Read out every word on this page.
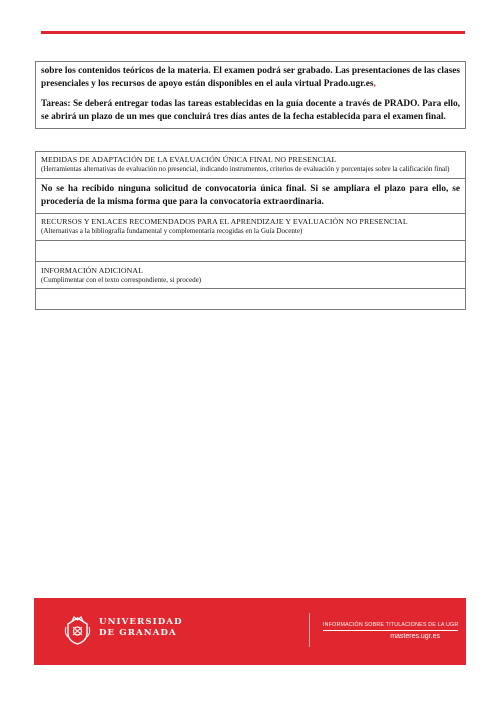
sobre los contenidos teóricos de la materia. El examen podrá ser grabado. Las presentaciones de las clases presenciales y los recursos de apoyo están disponibles en el aula virtual Prado.ugr.es,

Tareas: Se deberá entregar todas las tareas establecidas en la guía docente a través de PRADO. Para ello, se abrirá un plazo de un mes que concluirá tres días antes de la fecha establecida para el examen final.

MEDIDAS DE ADAPTACIÓN DE LA EVALUACIÓN ÚNICA FINAL NO PRESENCIAL

(Herramientas alternativas de evaluación no presencial, indicando instrumentos, criterios de evaluación y porcentajes sobre la calificación final)

No se ha recibido ninguna solicitud de convocatoria única final. Si se ampliara el plazo para ello, se procedería de la misma forma que para la convocatoria extraordinaria.

RECURSOS Y ENLACES RECOMENDADOS PARA EL APRENDIZAJE Y EVALUACIÓN NO PRESENCIAL

(Alternativas a la bibliografía fundamental y complementaria recogidas en la Guía Docente)

INFORMACIÓN ADICIONAL

(Cumplimentar con el texto correspondiente, si procede)

UNIVERSIDAD
DE GRANADA
INFORMACIÓN SOBRE TITULACIONES DE LA UGR
masteres.ugr.es
